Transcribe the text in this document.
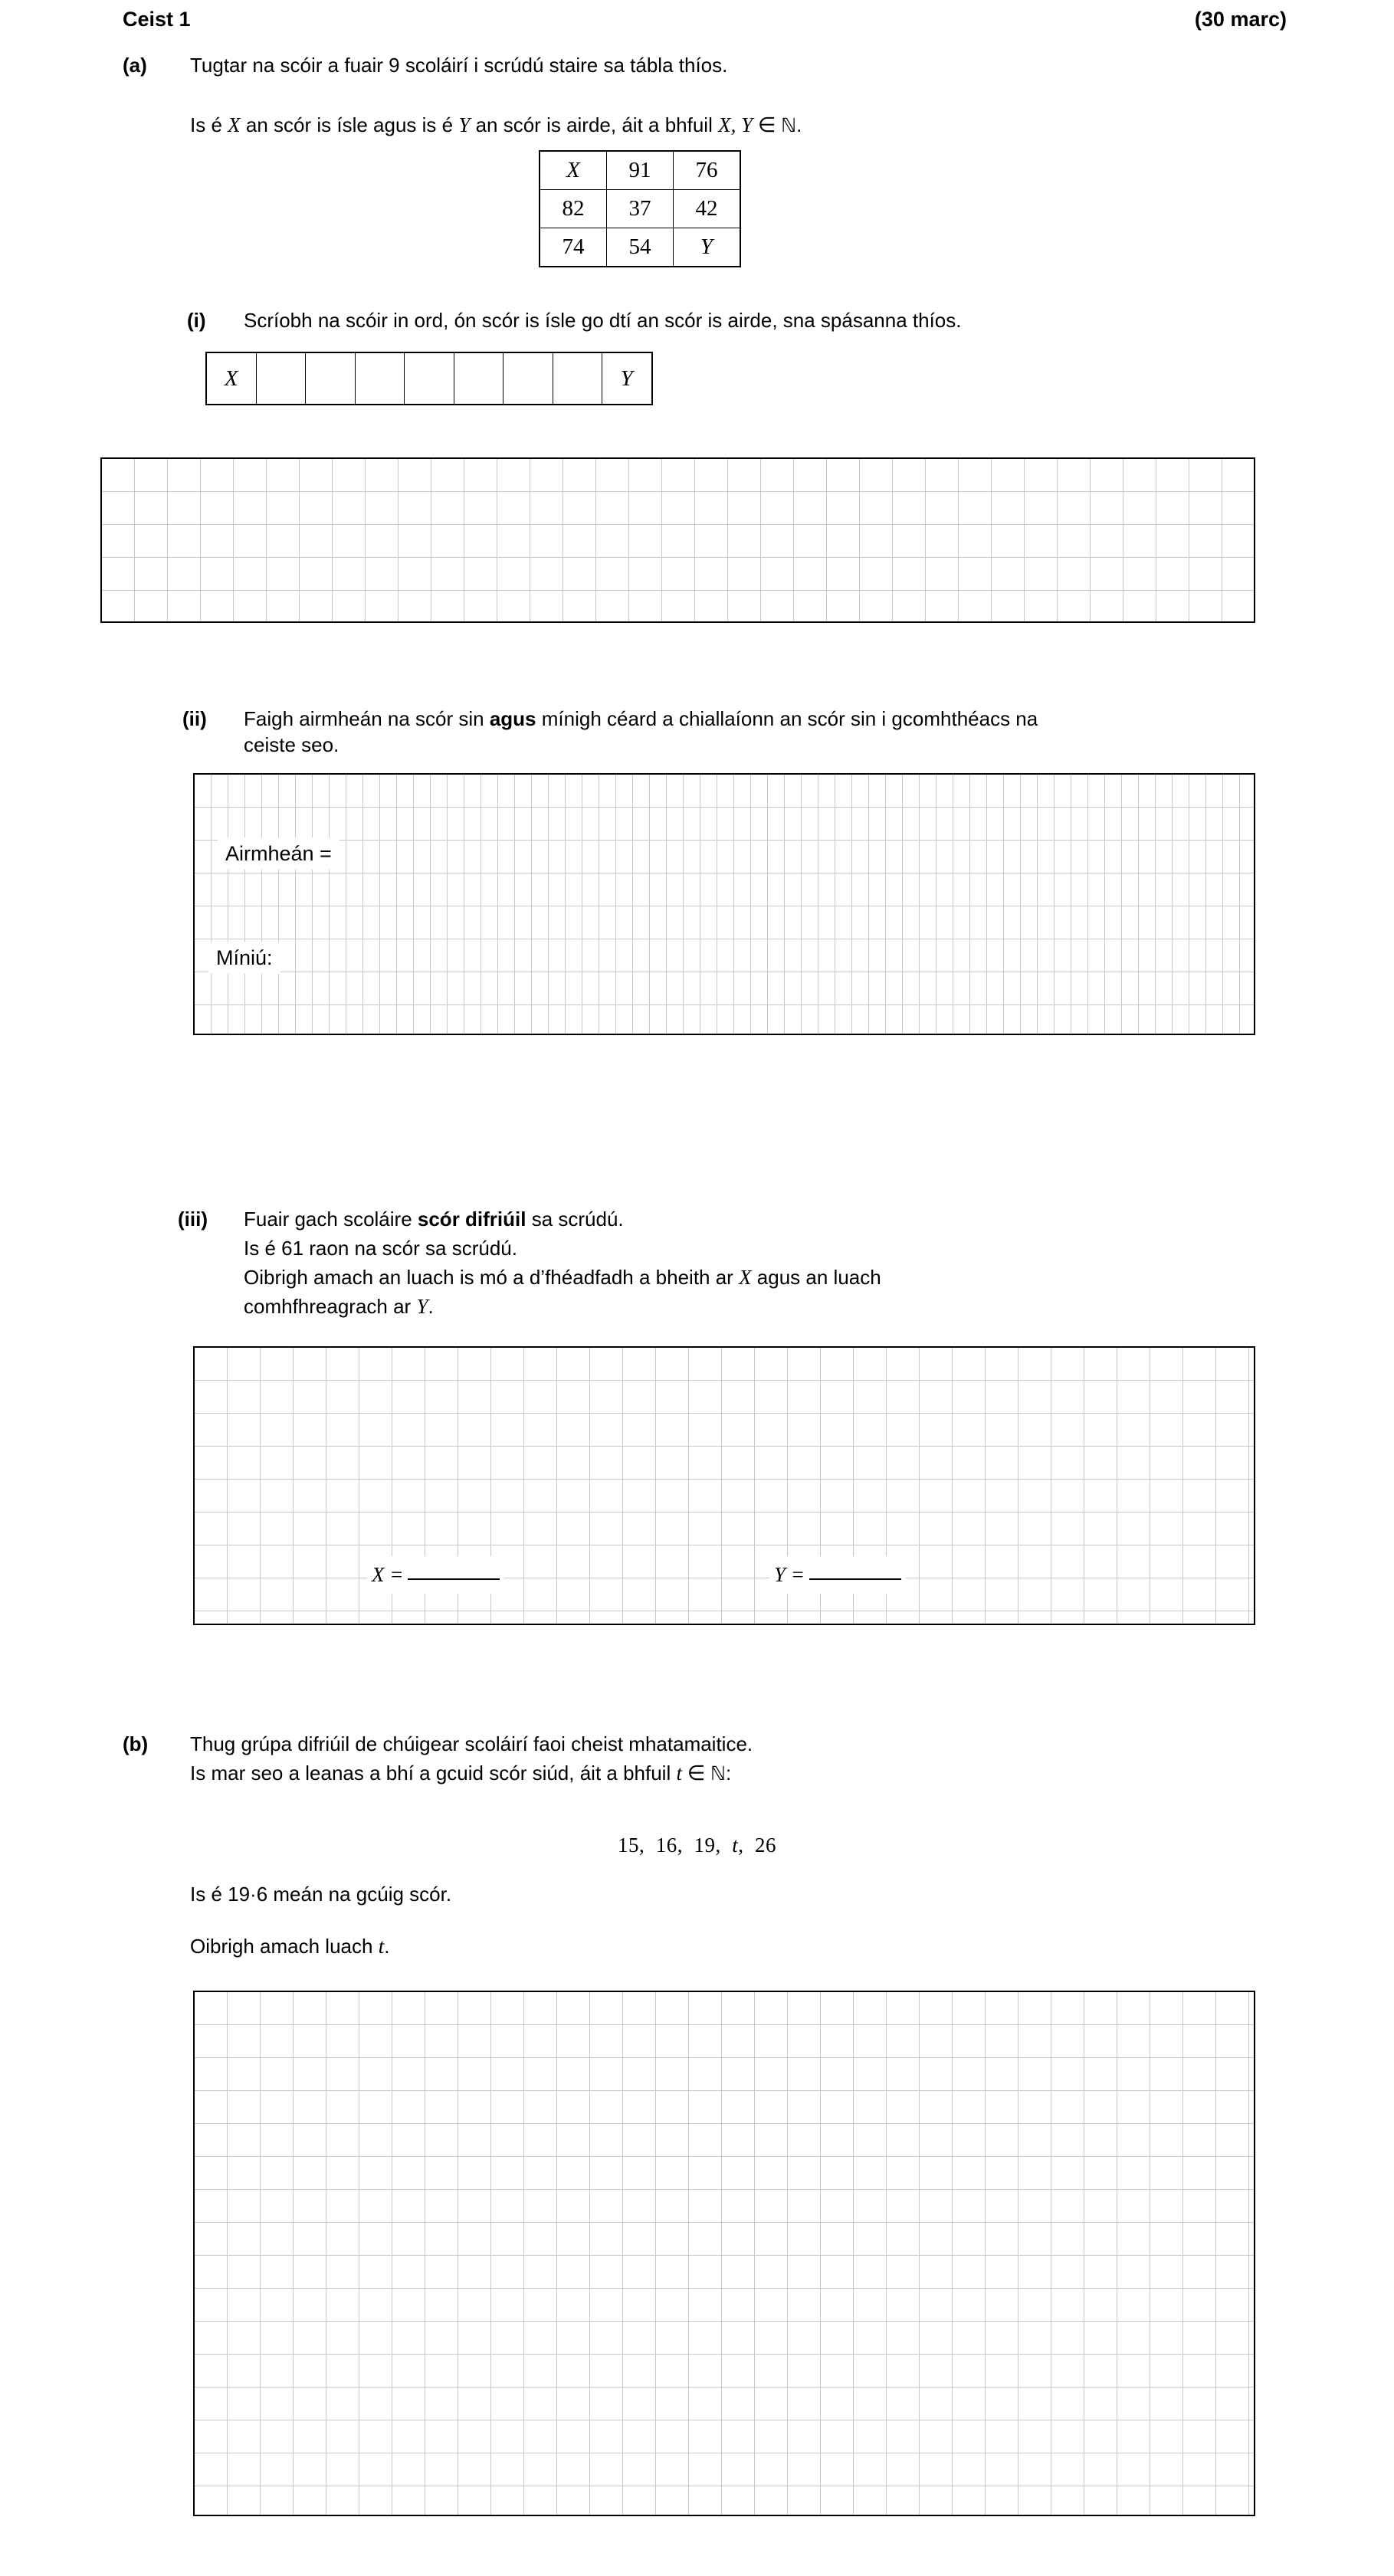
Ceist 1	(30 marc)
(a) Tugtar na scóir a fuair 9 scoláirí i scrúdú staire sa tábla thíos.
Is é X an scór is ísle agus is é Y an scór is airde, áit a bhfuil X, Y ∈ ℕ.
X	91	76
82	37	42
74	54	Y
(i) Scríobh na scóir in ord, ón scór is ísle go dtí an scór is airde, sna spásanna thíos.
X								Y
(ii) Faigh airmheán na scór sin agus mínigh céard a chiallaíonn an scór sin i gcomhthéacs na
ceiste seo.
Airmheán =
Míniú:
(iii) Fuair gach scoláire scór difriúil sa scrúdú.
Is é 61 raon na scór sa scrúdú.
Oibrigh amach an luach is mó a d’fhéadfadh a bheith ar X agus an luach
comhfhreagrach ar Y.
X =	Y =
(b) Thug grúpa difriúil de chúigear scoláirí faoi cheist mhatamaitice.
Is mar seo a leanas a bhí a gcuid scór siúd, áit a bhfuil t ∈ ℕ:
15,  16,  19,  t,  26
Is é 19·6 meán na gcúig scór.
Oibrigh amach luach t.
